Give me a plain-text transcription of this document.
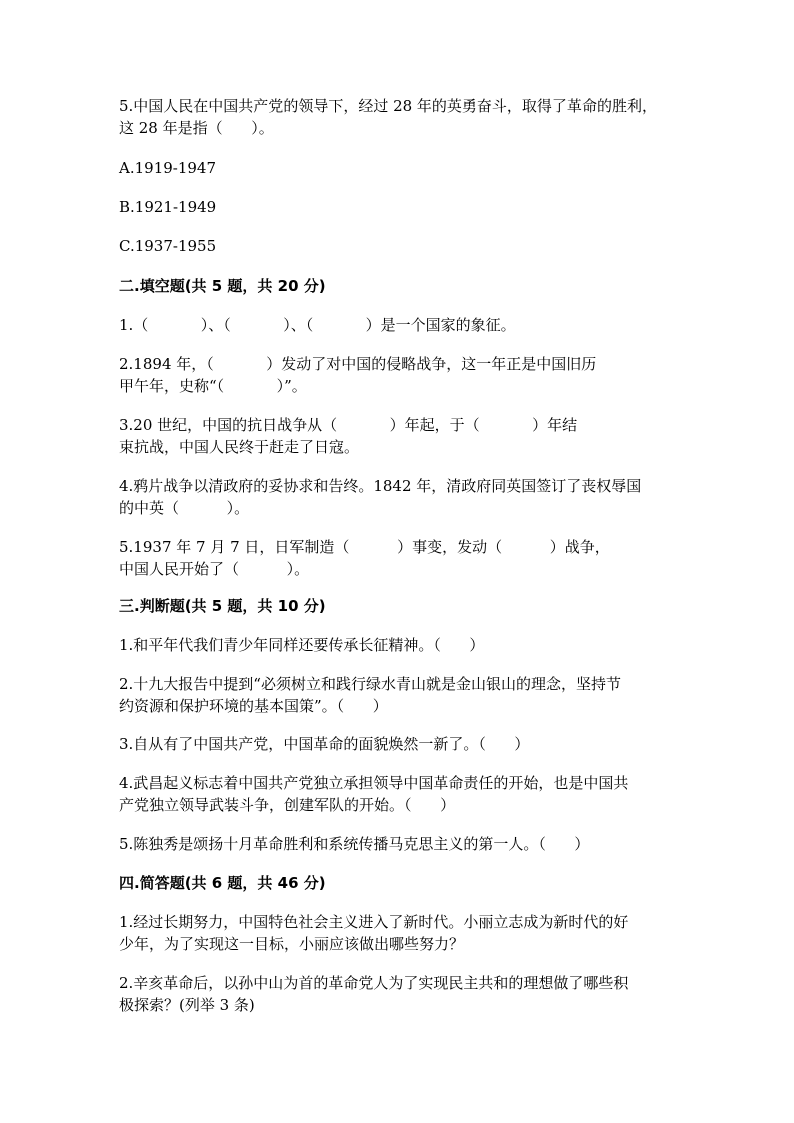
5.中国人民在中国共产党的领导下，经过 28 年的英勇奋斗，取得了革命的胜利，
这 28 年是指（      ）。
A.1919-1947
B.1921-1949
C.1937-1955
二.填空题(共 5 题，共 20 分)
1.（           ）、（           ）、（           ）是一个国家的象征。
2.1894 年，（           ）发动了对中国的侵略战争，这一年正是中国旧历
甲午年，史称“（           ）”。
3.20 世纪，中国的抗日战争从（           ）年起，于（           ）年结
束抗战，中国人民终于赶走了日寇。
4.鸦片战争以清政府的妥协求和告终。1842 年，清政府同英国签订了丧权辱国
的中英（          ）。
5.1937 年 7 月 7 日，日军制造（          ）事变，发动（          ）战争，
中国人民开始了（          ）。
三.判断题(共 5 题，共 10 分)
1.和平年代我们青少年同样还要传承长征精神。（      ）
2.十九大报告中提到“必须树立和践行绿水青山就是金山银山的理念，坚持节
约资源和保护环境的基本国策”。（      ）
3.自从有了中国共产党，中国革命的面貌焕然一新了。（      ）
4.武昌起义标志着中国共产党独立承担领导中国革命责任的开始，也是中国共
产党独立领导武装斗争，创建军队的开始。（      ）
5.陈独秀是颂扬十月革命胜利和系统传播马克思主义的第一人。（      ）
四.简答题(共 6 题，共 46 分)
1.经过长期努力，中国特色社会主义进入了新时代。小丽立志成为新时代的好
少年，为了实现这一目标，小丽应该做出哪些努力？
2.辛亥革命后，以孙中山为首的革命党人为了实现民主共和的理想做了哪些积
极探索？(列举 3 条)
